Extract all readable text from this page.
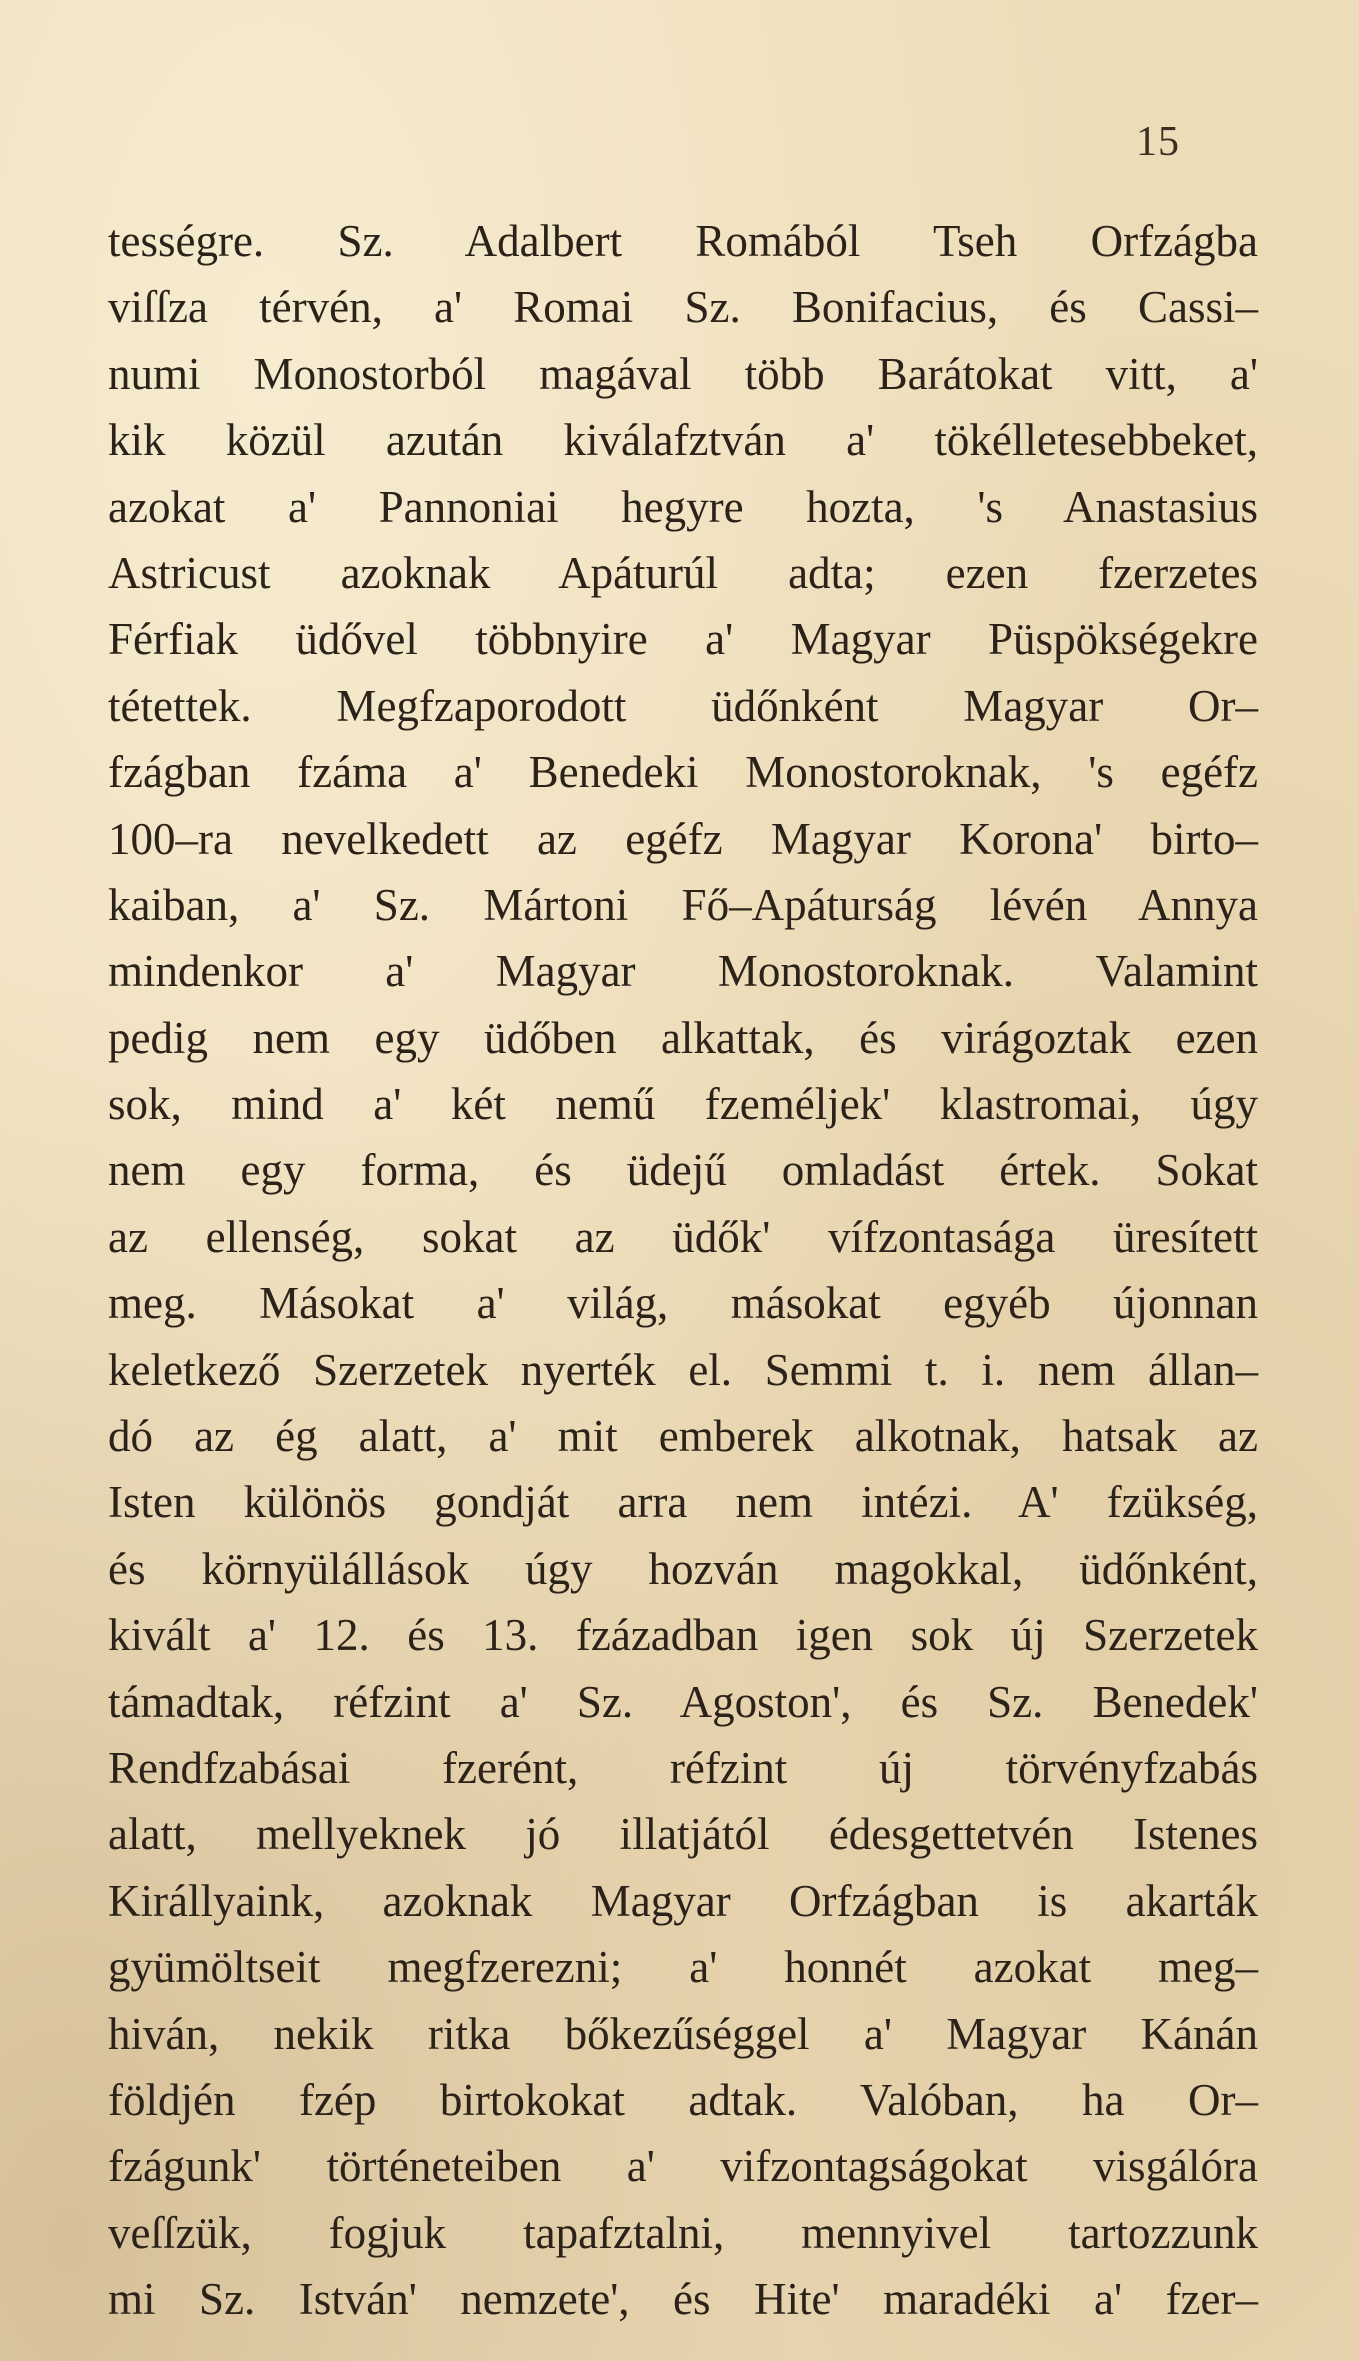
15
tességre. Sz. Adalbert Romából Tseh Orfzágba
viſſza térvén, a' Romai Sz. Bonifacius, és Cassi–
numi Monostorból magával több Barátokat vitt, a'
kik közül azután kiválafztván a' tökélletesebbeket,
azokat a' Pannoniai hegyre hozta, 's Anastasius
Astricust azoknak Apáturúl adta; ezen fzerzetes
Férfiak üdővel többnyire a' Magyar Püspökségekre
tétettek. Megfzaporodott üdőnként Magyar Or–
fzágban fzáma a' Benedeki Monostoroknak, 's egéfz
100–ra nevelkedett az egéfz Magyar Korona' birto–
kaiban, a' Sz. Mártoni Fő–Apáturság lévén Annya
mindenkor a' Magyar Monostoroknak. Valamint
pedig nem egy üdőben alkattak, és virágoztak ezen
sok, mind a' két nemű fzeméljek' klastromai, úgy
nem egy forma, és üdejű omladást értek. Sokat
az ellenség, sokat az üdők' vífzontasága üresített
meg. Másokat a' világ, másokat egyéb újonnan
keletkező Szerzetek nyerték el. Semmi t. i. nem állan–
dó az ég alatt, a' mit emberek alkotnak, hatsak az
Isten különös gondját arra nem intézi. A' fzükség,
és környülállások úgy hozván magokkal, üdőnként,
kivált a' 12. és 13. fzázadban igen sok új Szerzetek
támadtak, réfzint a' Sz. Agoston', és Sz. Benedek'
Rendfzabásai fzerént, réfzint új törvényfzabás
alatt, mellyeknek jó illatjától édesgettetvén Istenes
Királlyaink, azoknak Magyar Orfzágban is akarták
gyümöltseit megfzerezni; a' honnét azokat meg–
hiván, nekik ritka bőkezűséggel a' Magyar Kánán
földjén fzép birtokokat adtak. Valóban, ha Or–
fzágunk' történeteiben a' vifzontagságokat visgálóra
veſſzük, fogjuk tapafztalni, mennyivel tartozzunk
mi Sz. István' nemzete', és Hite' maradéki a' fzer–
